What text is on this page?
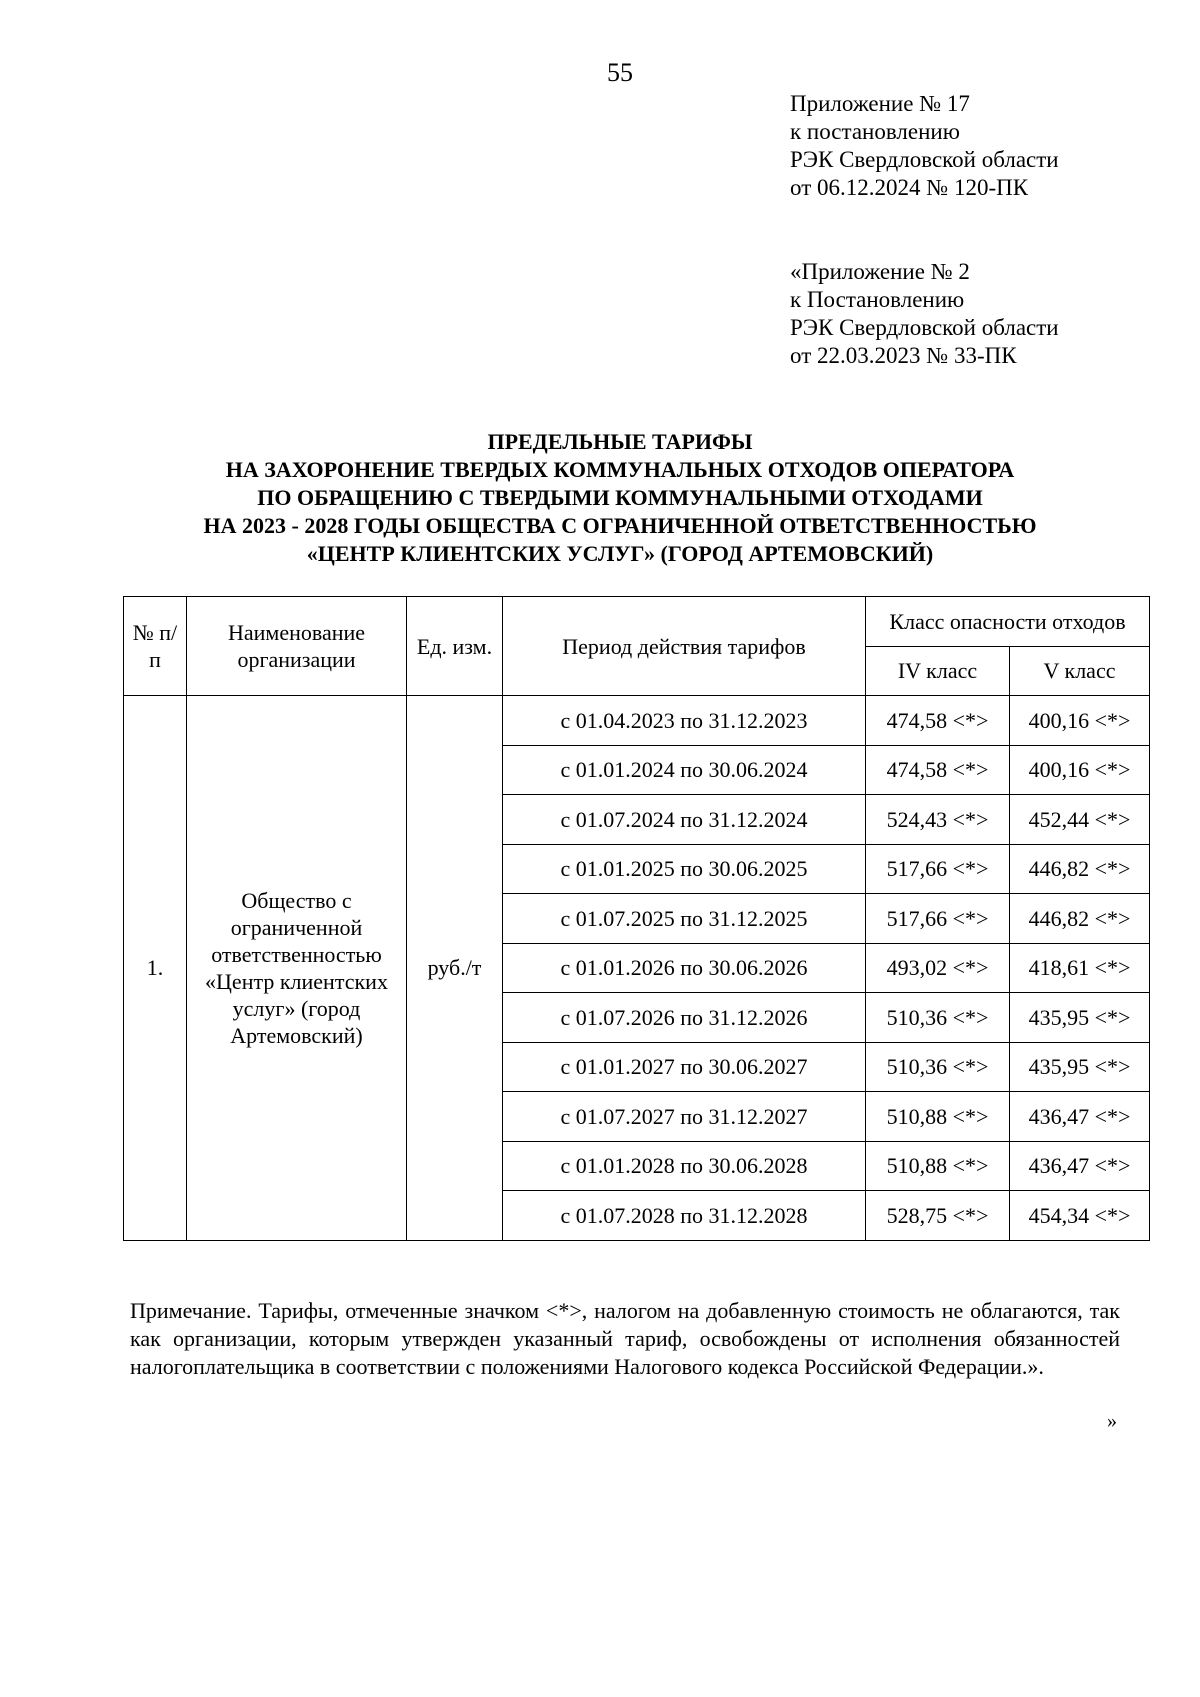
55
Приложение № 17
к постановлению
РЭК Свердловской области
от 06.12.2024 № 120-ПК
«Приложение № 2
к Постановлению
РЭК Свердловской области
от 22.03.2023 № 33-ПК
ПРЕДЕЛЬНЫЕ ТАРИФЫ
НА ЗАХОРОНЕНИЕ ТВЕРДЫХ КОММУНАЛЬНЫХ ОТХОДОВ ОПЕРАТОРА
ПО ОБРАЩЕНИЮ С ТВЕРДЫМИ КОММУНАЛЬНЫМИ ОТХОДАМИ
НА 2023 - 2028 ГОДЫ ОБЩЕСТВА С ОГРАНИЧЕННОЙ ОТВЕТСТВЕННОСТЬЮ
«ЦЕНТР КЛИЕНТСКИХ УСЛУГ» (ГОРОД АРТЕМОВСКИЙ)
№ п/п	Наименование организации	Ед. изм.	Период действия тарифов	Класс опасности отходов	
				IV класс	V класс
1.	Общество с ограниченной ответственностью «Центр клиентских услуг» (город Артемовский)	руб./т	с 01.04.2023 по 31.12.2023	474,58 <*>	400,16 <*>
			с 01.01.2024 по 30.06.2024	474,58 <*>	400,16 <*>
			с 01.07.2024 по 31.12.2024	524,43 <*>	452,44 <*>
			с 01.01.2025 по 30.06.2025	517,66 <*>	446,82 <*>
			с 01.07.2025 по 31.12.2025	517,66 <*>	446,82 <*>
			с 01.01.2026 по 30.06.2026	493,02 <*>	418,61 <*>
			с 01.07.2026 по 31.12.2026	510,36 <*>	435,95 <*>
			с 01.01.2027 по 30.06.2027	510,36 <*>	435,95 <*>
			с 01.07.2027 по 31.12.2027	510,88 <*>	436,47 <*>
			с 01.01.2028 по 30.06.2028	510,88 <*>	436,47 <*>
			с 01.07.2028 по 31.12.2028	528,75 <*>	454,34 <*>
Примечание. Тарифы, отмеченные значком <*>, налогом на добавленную стоимость не облагаются, так как организации, которым утвержден указанный тариф, освобождены от исполнения обязанностей налогоплательщика в соответствии с положениями Налогового кодекса Российской Федерации.».
»
